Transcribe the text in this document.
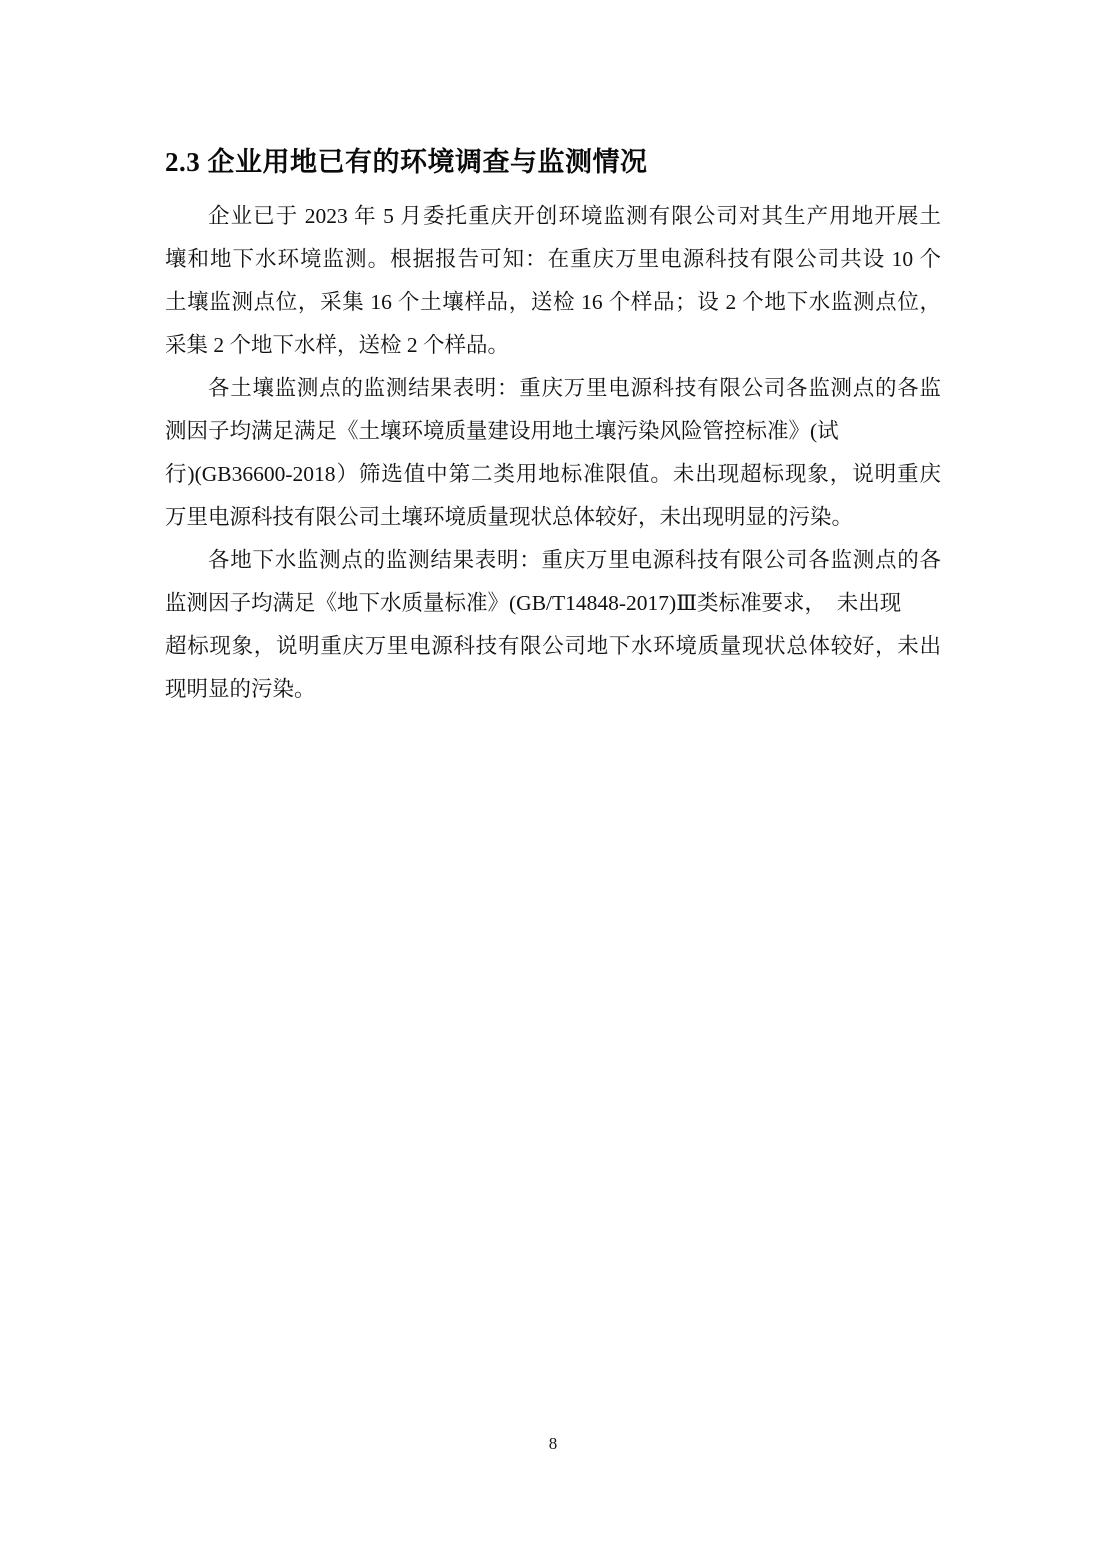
2.3 企业用地已有的环境调查与监测情况
企业已于 2023 年 5 月委托重庆开创环境监测有限公司对其生产用地开展土
壤和地下水环境监测。根据报告可知：在重庆万里电源科技有限公司共设 10 个
土壤监测点位，采集 16 个土壤样品，送检 16 个样品；设 2 个地下水监测点位，
采集 2 个地下水样，送检 2 个样品。
各土壤监测点的监测结果表明：重庆万里电源科技有限公司各监测点的各监
测因子均满足满足《土壤环境质量建设用地土壤污染风险管控标准》(试
行)(GB36600-2018）筛选值中第二类用地标准限值。未出现超标现象，说明重庆
万里电源科技有限公司土壤环境质量现状总体较好，未出现明显的污染。
各地下水监测点的监测结果表明：重庆万里电源科技有限公司各监测点的各
监测因子均满足《地下水质量标准》(GB/T14848-2017)Ⅲ类标准要求，　未出现
超标现象，说明重庆万里电源科技有限公司地下水环境质量现状总体较好，未出
现明显的污染。
8
